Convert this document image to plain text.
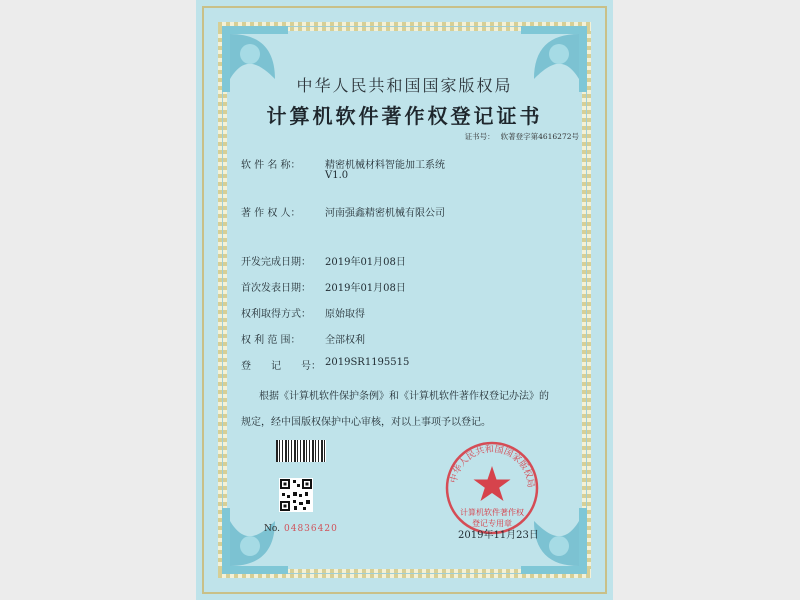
中华人民共和国国家版权局
计算机软件著作权登记证书
证书号： 软著登字第4616272号
软 件 名 称： 精密机械材料智能加工系统
V1.0
著 作 权 人： 河南强鑫精密机械有限公司
开发完成日期： 2019年01月08日
首次发表日期： 2019年01月08日
权利取得方式： 原始取得
权 利 范 围： 全部权利
登　　记　　号： 2019SR1195515
根据《计算机软件保护条例》和《计算机软件著作权登记办法》的
规定，经中国版权保护中心审核，对以上事项予以登记。
No. 04836420
中华人民共和国国家版权局
计算机软件著作权
登记专用章
2019年11月23日
